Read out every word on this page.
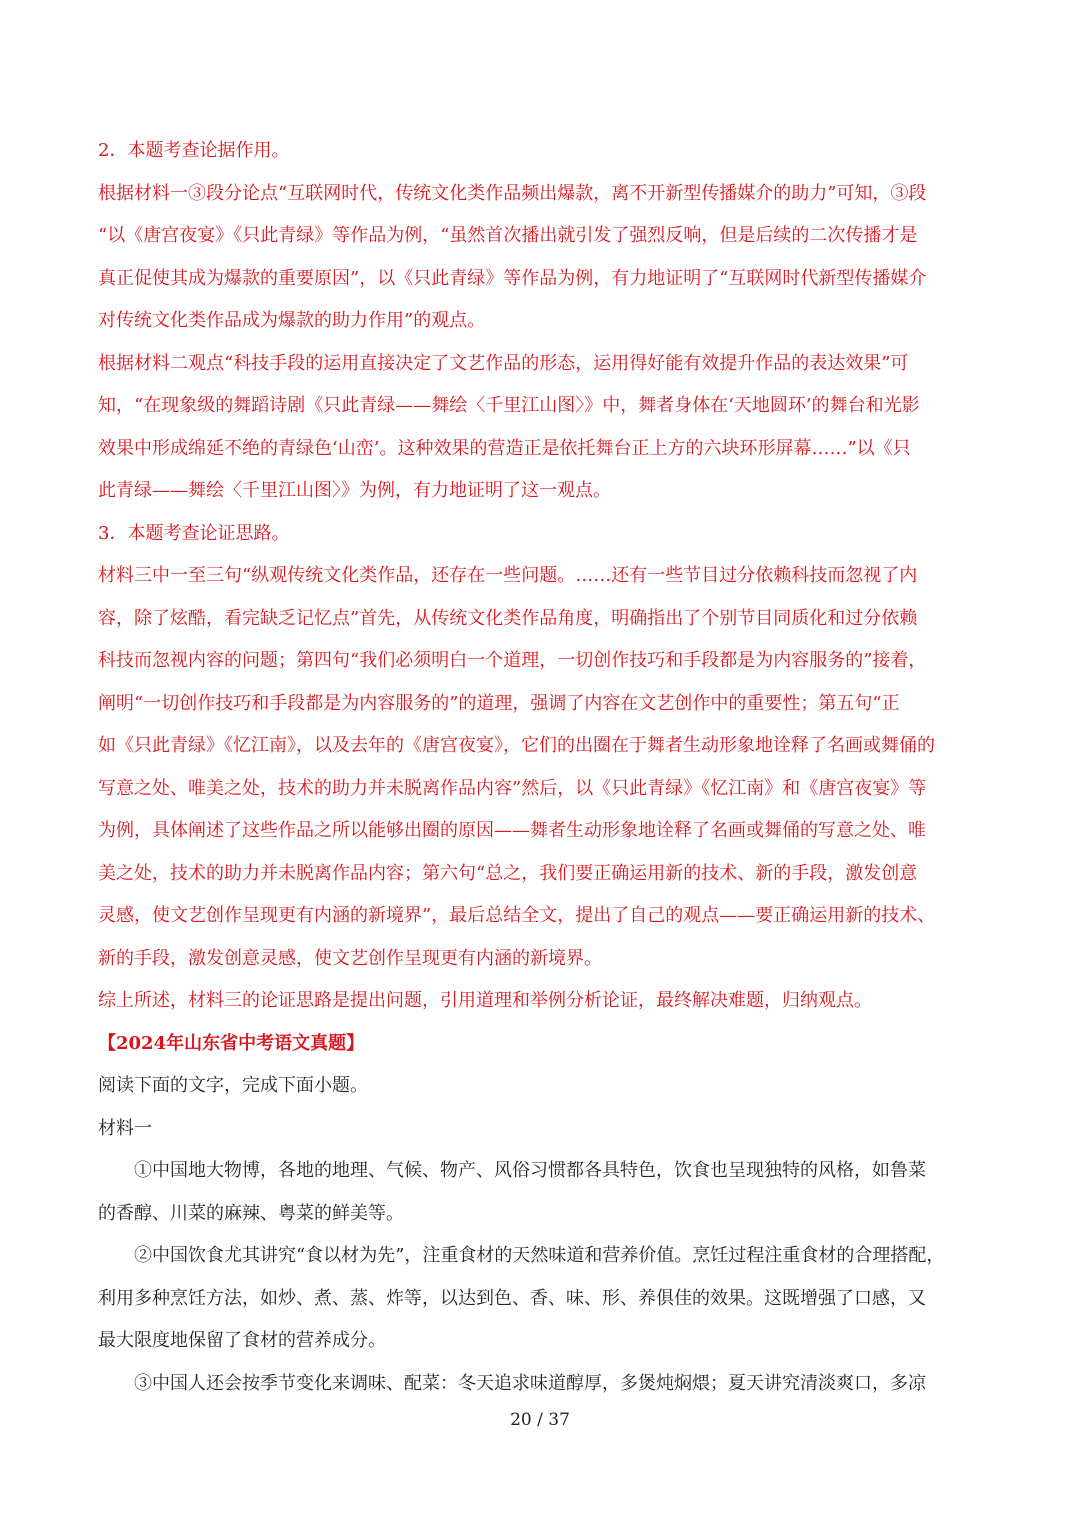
2．本题考查论据作用。

根据材料一③段分论点“互联网时代，传统文化类作品频出爆款，离不开新型传播媒介的助力”可知，③段

“以《唐宫夜宴》《只此青绿》等作品为例，“虽然首次播出就引发了强烈反响，但是后续的二次传播才是

真正促使其成为爆款的重要原因”，以《只此青绿》等作品为例，有力地证明了“互联网时代新型传播媒介

对传统文化类作品成为爆款的助力作用”的观点。

根据材料二观点“科技手段的运用直接决定了文艺作品的形态，运用得好能有效提升作品的表达效果”可

知，“在现象级的舞蹈诗剧《只此青绿——舞绘〈千里江山图〉》中，舞者身体在‘天地圆环’的舞台和光影

效果中形成绵延不绝的青绿色‘山峦’。这种效果的营造正是依托舞台正上方的六块环形屏幕……”以《只

此青绿——舞绘〈千里江山图〉》为例，有力地证明了这一观点。

3．本题考查论证思路。

材料三中一至三句“纵观传统文化类作品，还存在一些问题。……还有一些节目过分依赖科技而忽视了内

容，除了炫酷，看完缺乏记忆点”首先，从传统文化类作品角度，明确指出了个别节目同质化和过分依赖

科技而忽视内容的问题；第四句“我们必须明白一个道理，一切创作技巧和手段都是为内容服务的”接着，

阐明“一切创作技巧和手段都是为内容服务的”的道理，强调了内容在文艺创作中的重要性；第五句“正

如《只此青绿》《忆江南》，以及去年的《唐宫夜宴》，它们的出圈在于舞者生动形象地诠释了名画或舞俑的

写意之处、唯美之处，技术的助力并未脱离作品内容”然后，以《只此青绿》《忆江南》和《唐宫夜宴》等

为例，具体阐述了这些作品之所以能够出圈的原因——舞者生动形象地诠释了名画或舞俑的写意之处、唯

美之处，技术的助力并未脱离作品内容；第六句“总之，我们要正确运用新的技术、新的手段，激发创意

灵感，使文艺创作呈现更有内涵的新境界”，最后总结全文，提出了自己的观点——要正确运用新的技术、

新的手段，激发创意灵感，使文艺创作呈现更有内涵的新境界。

综上所述，材料三的论证思路是提出问题，引用道理和举例分析论证，最终解决难题，归纳观点。

【2024年山东省中考语文真题】

阅读下面的文字，完成下面小题。

材料一

　　①中国地大物博，各地的地理、气候、物产、风俗习惯都各具特色，饮食也呈现独特的风格，如鲁菜

的香醇、川菜的麻辣、粤菜的鲜美等。

　　②中国饮食尤其讲究“食以材为先”，注重食材的天然味道和营养价值。烹饪过程注重食材的合理搭配，

利用多种烹饪方法，如炒、煮、蒸、炸等，以达到色、香、味、形、养俱佳的效果。这既增强了口感，又

最大限度地保留了食材的营养成分。

　　③中国人还会按季节变化来调味、配菜：冬天追求味道醇厚，多煲炖焖煨；夏天讲究清淡爽口，多凉

20 / 37
